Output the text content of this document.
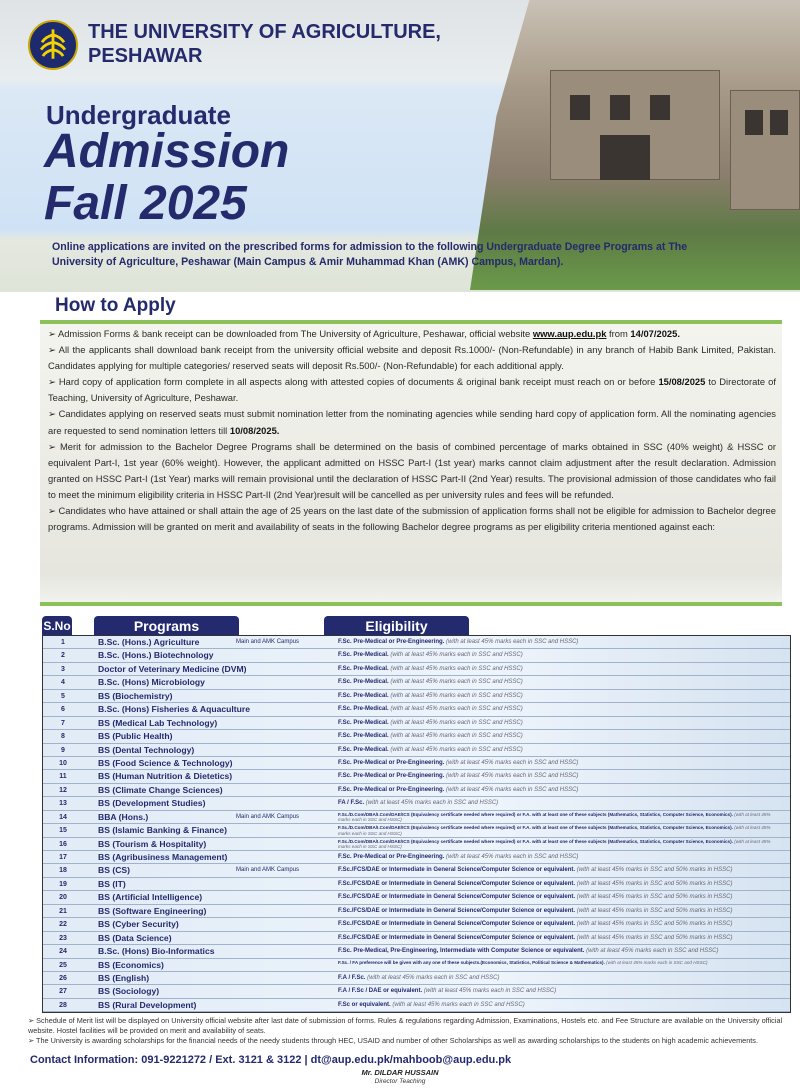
THE UNIVERSITY OF AGRICULTURE,
PESHAWAR
Undergraduate
Admission
Fall 2025
Online applications are invited on the prescribed forms for admission to the following Undergraduate Degree Programs at The University of Agriculture, Peshawar (Main Campus & Amir Muhammad Khan (AMK) Campus, Mardan).
How to Apply

➢ Admission Forms & bank receipt can be downloaded from The University of Agriculture, Peshawar, official website www.aup.edu.pk from 14/07/2025.

➢ All the applicants shall download bank receipt from the university official website and deposit Rs.1000/- (Non-Refundable) in any branch of Habib Bank Limited, Pakistan. Candidates applying for multiple categories/ reserved seats will deposit Rs.500/- (Non-Refundable) for each additional apply.

➢ Hard copy of application form complete in all aspects along with attested copies of documents & original bank receipt must reach on or before 15/08/2025 to Directorate of Teaching, University of Agriculture, Peshawar.

➢ Candidates applying on reserved seats must submit nomination letter from the nominating agencies while sending hard copy of application form. All the nominating agencies are requested to send nomination letters till 10/08/2025.

➢ Merit for admission to the Bachelor Degree Programs shall be determined on the basis of combined percentage of marks obtained in SSC (40% weight) & HSSC or equivalent Part-I, 1st year (60% weight). However, the applicant admitted on HSSC Part-I (1st year) marks cannot claim adjustment after the result declaration. Admission granted on HSSC Part-I (1st Year) marks will remain provisional until the declaration of HSSC Part-II (2nd Year) results. The provisional admission of those candidates who fail to meet the minimum eligibility criteria in HSSC Part-II (2nd Year)result will be cancelled as per university rules and fees will be refunded.

➢ Candidates who have attained or shall attain the age of 25 years on the last date of the submission of application forms shall not be eligible for admission to Bachelor degree programs. Admission will be granted on merit and availability of seats in the following Bachelor degree programs as per eligibility criteria mentioned against each:

S.No	Programs	Eligibility
1	B.Sc. (Hons.) Agriculture	Main and AMK Campus	F.Sc. Pre-Medical or Pre-Engineering. (with at least 45% marks each in SSC and HSSC)
2	B.Sc. (Hons.) Biotechnology	F.Sc. Pre-Medical. (with at least 45% marks each in SSC and HSSC)
3	Doctor of Veterinary Medicine (DVM)	F.Sc. Pre-Medical. (with at least 45% marks each in SSC and HSSC)
4	B.Sc. (Hons) Microbiology	F.Sc. Pre-Medical. (with at least 45% marks each in SSC and HSSC)
5	BS (Biochemistry)	F.Sc. Pre-Medical. (with at least 45% marks each in SSC and HSSC)
6	B.Sc. (Hons) Fisheries & Aquaculture	F.Sc. Pre-Medical. (with at least 45% marks each in SSC and HSSC)
7	BS (Medical Lab Technology)	F.Sc. Pre-Medical. (with at least 45% marks each in SSC and HSSC)
8	BS (Public Health)	F.Sc. Pre-Medical. (with at least 45% marks each in SSC and HSSC)
9	BS (Dental Technology)	F.Sc. Pre-Medical. (with at least 45% marks each in SSC and HSSC)
10	BS (Food Science & Technology)	F.Sc. Pre-Medical or Pre-Engineering. (with at least 45% marks each in SSC and HSSC)
11	BS (Human Nutrition & Dietetics)	F.Sc. Pre-Medical or Pre-Engineering. (with at least 45% marks each in SSC and HSSC)
12	BS (Climate Change Sciences)	F.Sc. Pre-Medical or Pre-Engineering. (with at least 45% marks each in SSC and HSSC)
13	BS (Development Studies)	FA / F.Sc. (with at least 45% marks each in SSC and HSSC)
14	BBA (Hons.)	Main and AMK Campus	F.Sc./D.Com/DBA/I.Com/DAE/ICS (Equivalency certificate needed where required) or F.A. with at least one of these subjects (Mathematics, Statistics, Computer Science, Economics). (with at least 45% marks each in SSC and HSSC)
15	BS (Islamic Banking & Finance)	F.Sc./D.Com/DBA/I.Com/DAE/ICS (Equivalency certificate needed where required) or F.A. with at least one of these subjects (Mathematics, Statistics, Computer Science, Economics). (with at least 45% marks each in SSC and HSSC)
16	BS (Tourism & Hospitality)	F.Sc./D.Com/DBA/I.Com/DAE/ICS (Equivalency certificate needed where required) or F.A. with at least one of these subjects (Mathematics, Statistics, Computer Science, Economics). (with at least 45% marks each in SSC and HSSC)
17	BS (Agribusiness Management)	F.Sc. Pre-Medical or Pre-Engineering. (with at least 45% marks each in SSC and HSSC)
18	BS (CS)	Main and AMK Campus	F.Sc./FCS/DAE or Intermediate in General Science/Computer Science or equivalent. (with at least 45% marks in SSC and 50% marks in HSSC)
19	BS (IT)	F.Sc./FCS/DAE or Intermediate in General Science/Computer Science or equivalent. (with at least 45% marks in SSC and 50% marks in HSSC)
20	BS (Artificial Intelligence)	F.Sc./FCS/DAE or Intermediate in General Science/Computer Science or equivalent. (with at least 45% marks in SSC and 50% marks in HSSC)
21	BS (Software Engineering)	F.Sc./FCS/DAE or Intermediate in General Science/Computer Science or equivalent. (with at least 45% marks in SSC and 50% marks in HSSC)
22	BS (Cyber Security)	F.Sc./FCS/DAE or Intermediate in General Science/Computer Science or equivalent. (with at least 45% marks in SSC and 50% marks in HSSC)
23	BS (Data Science)	F.Sc./FCS/DAE or Intermediate in General Science/Computer Science or equivalent. (with at least 45% marks in SSC and 50% marks in HSSC)
24	B.Sc. (Hons) Bio-Informatics	F.Sc. Pre-Medical, Pre-Engineering, Intermediate with Computer Science or equivalent. (with at least 45% marks each in SSC and HSSC)
25	BS (Economics)	F.Sc. / FA preference will be given with any one of these subjects.(Economics, Statistics, Political Science & Mathematics). (with at least 45% marks each in SSC and HSSC)
26	BS (English)	F.A / F.Sc. (with at least 45% marks each in SSC and HSSC)
27	BS (Sociology)	F.A / F.Sc / DAE or equivalent. (with at least 45% marks each in SSC and HSSC)
28	BS (Rural Development)	F.Sc or equivalent. (with at least 45% marks each in SSC and HSSC)

➢ Schedule of Merit list will be displayed on University official website after last date of submission of forms. Rules & regulations regarding Admission, Examinations, Hostels etc. and Fee Structure are available on the University official website. Hostel facilities will be provided on merit and availability of seats.

➢ The University is awarding scholarships for the financial needs of the needy students through HEC, USAID and number of other Scholarships as well as awarding scholarships to the students on high academic achievements.

Contact Information: 091-9221272 / Ext. 3121 & 3122 | dt@aup.edu.pk/mahboob@aup.edu.pk
Mr. DILDAR HUSSAIN
Director Teaching
